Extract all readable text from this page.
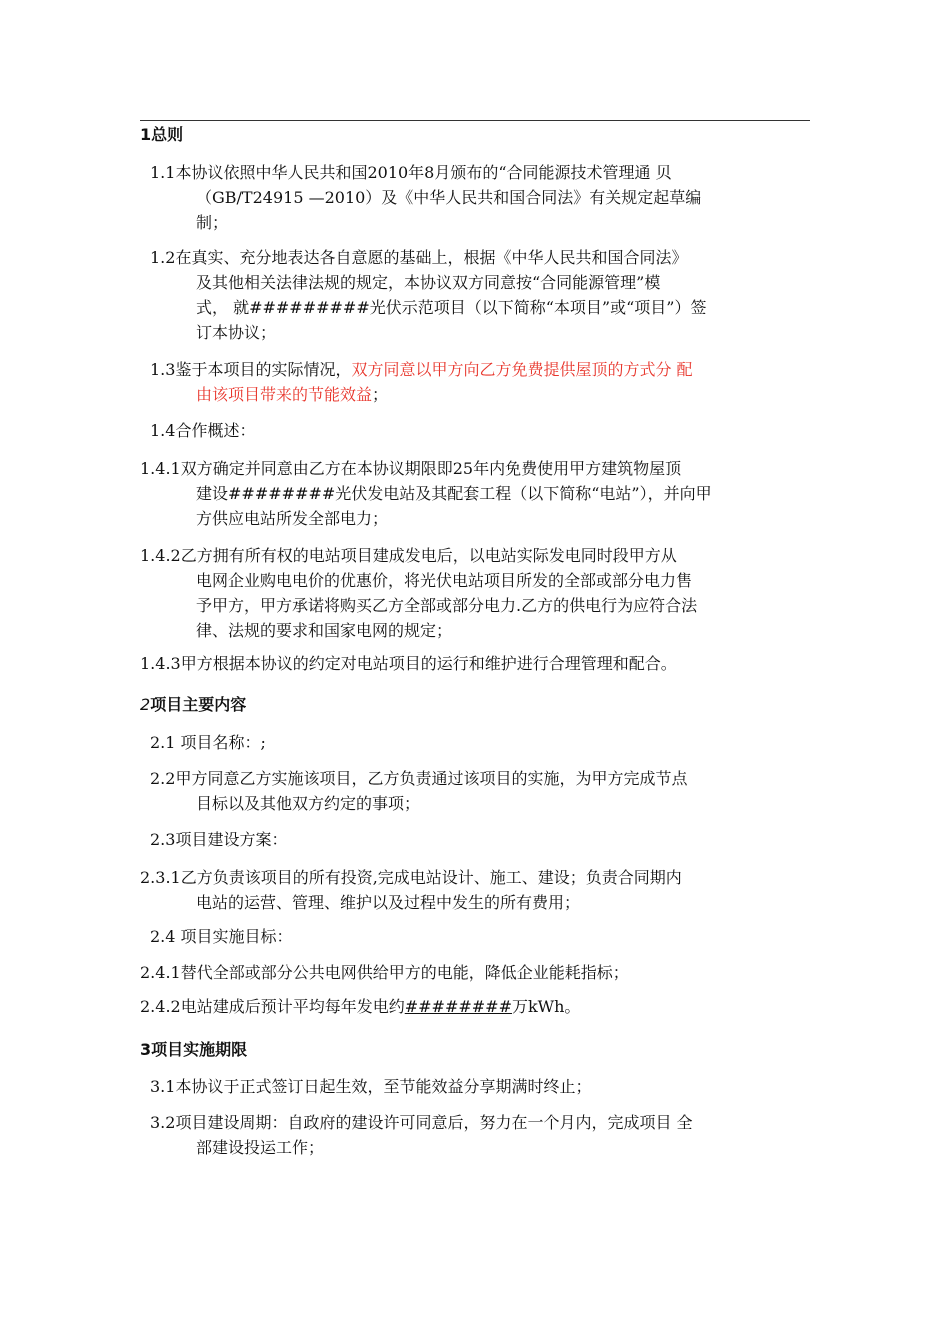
1总则
1.1本协议依照中华人民共和国2010年8月颁布的“合同能源技术管理通 贝
（GB/T24915 —2010）及《中华人民共和国合同法》有关规定起草编
制；
1.2在真实、充分地表达各自意愿的基础上，根据《中华人民共和国合同法》
及其他相关法律法规的规定，本协议双方同意按“合同能源管理”模
式， 就#########光伏示范项目（以下简称“本项目”或“项目”）签
订本协议；
1.3鉴于本项目的实际情况，双方同意以甲方向乙方免费提供屋顶的方式分 配
由该项目带来的节能效益；
1.4合作概述：
1.4.1双方确定并同意由乙方在本协议期限即25年内免费使用甲方建筑物屋顶
建设########光伏发电站及其配套工程（以下简称“电站”），并向甲
方供应电站所发全部电力；
1.4.2乙方拥有所有权的电站项目建成发电后，以电站实际发电同时段甲方从
电网企业购电电价的优惠价，将光伏电站项目所发的全部或部分电力售
予甲方，甲方承诺将购买乙方全部或部分电力.乙方的供电行为应符合法
律、法规的要求和国家电网的规定；
1.4.3甲方根据本协议的约定对电站项目的运行和维护进行合理管理和配合。
2项目主要内容
2.1 项目名称：;
2.2甲方同意乙方实施该项目，乙方负责通过该项目的实施，为甲方完成节点
目标以及其他双方约定的事项；
2.3项目建设方案：
2.3.1乙方负责该项目的所有投资,完成电站设计、施工、建设；负责合同期内
电站的运营、管理、维护以及过程中发生的所有费用；
2.4 项目实施目标：
2.4.1替代全部或部分公共电网供给甲方的电能，降低企业能耗指标；
2.4.2电站建成后预计平均每年发电约########万kWh。
3项目实施期限
3.1本协议于正式签订日起生效，至节能效益分享期满时终止；
3.2项目建设周期：自政府的建设许可同意后，努力在一个月内，完成项目 全
部建设投运工作；
